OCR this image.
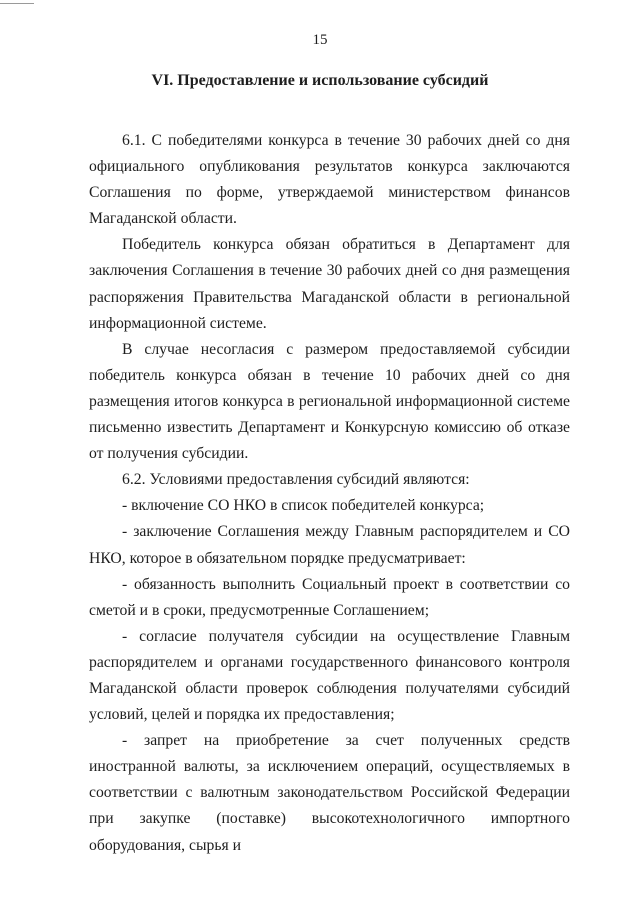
15
VI. Предоставление и использование субсидий

6.1. С победителями конкурса в течение 30 рабочих дней со дня официального опубликования результатов конкурса заключаются Соглашения по форме, утверждаемой министерством финансов Магаданской области.

Победитель конкурса обязан обратиться в Департамент для заключения Соглашения в течение 30 рабочих дней со дня размещения распоряжения Правительства Магаданской области в региональной информационной системе.

В случае несогласия с размером предоставляемой субсидии победитель конкурса обязан в течение 10 рабочих дней со дня размещения итогов конкурса в региональной информационной системе письменно известить Департамент и Конкурсную комиссию об отказе от получения субсидии.

6.2. Условиями предоставления субсидий являются:

- включение СО НКО в список победителей конкурса;

- заключение Соглашения между Главным распорядителем и СО НКО, которое в обязательном порядке предусматривает:

- обязанность выполнить Социальный проект в соответствии со сметой и в сроки, предусмотренные Соглашением;

- согласие получателя субсидии на осуществление Главным распорядителем и органами государственного финансового контроля Магаданской области проверок соблюдения получателями субсидий условий, целей и порядка их предоставления;

- запрет на приобретение за счет полученных средств иностранной валюты, за исключением операций, осуществляемых в соответствии с валютным законодательством Российской Федерации при закупке (поставке) высокотехнологичного импортного оборудования, сырья и
